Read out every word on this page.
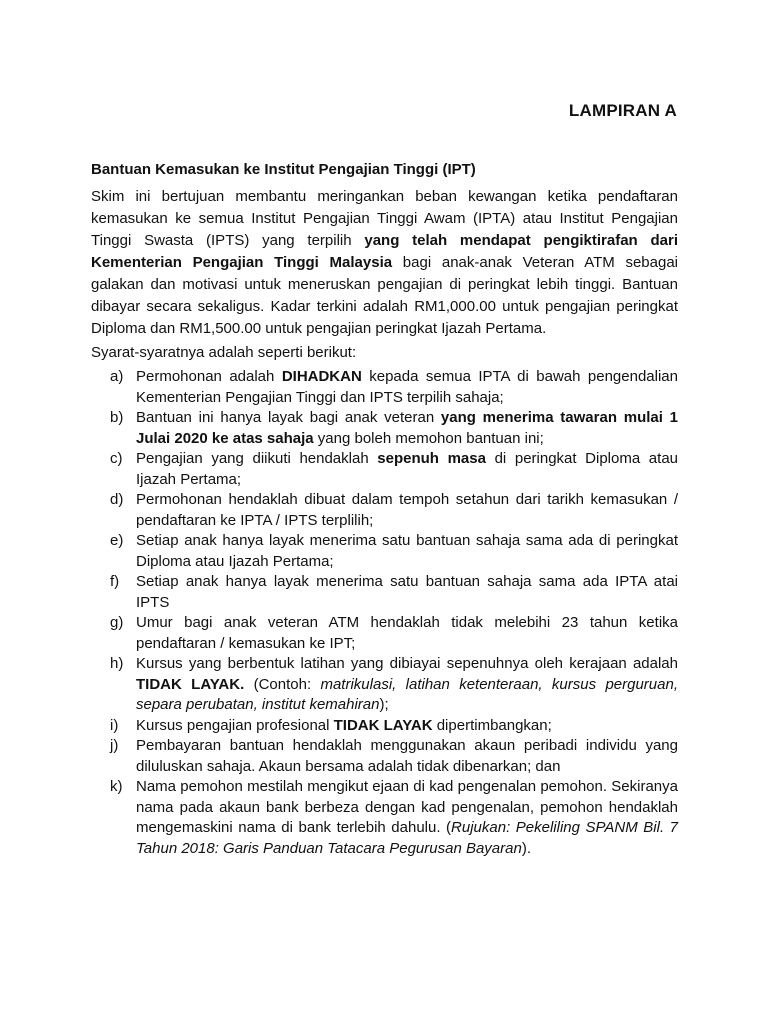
LAMPIRAN A
Bantuan Kemasukan ke Institut Pengajian Tinggi (IPT)

Skim ini bertujuan membantu meringankan beban kewangan ketika pendaftaran kemasukan ke semua Institut Pengajian Tinggi Awam (IPTA) atau Institut Pengajian Tinggi Swasta (IPTS) yang terpilih yang telah mendapat pengiktirafan dari Kementerian Pengajian Tinggi Malaysia bagi anak-anak Veteran ATM sebagai galakan dan motivasi untuk meneruskan pengajian di peringkat lebih tinggi. Bantuan dibayar secara sekaligus. Kadar terkini adalah RM1,000.00 untuk pengajian peringkat Diploma dan RM1,500.00 untuk pengajian peringkat Ijazah Pertama.

Syarat-syaratnya adalah seperti berikut:

a) Permohonan adalah DIHADKAN kepada semua IPTA di bawah pengendalian Kementerian Pengajian Tinggi dan IPTS terpilih sahaja;
b) Bantuan ini hanya layak bagi anak veteran yang menerima tawaran mulai 1 Julai 2020 ke atas sahaja yang boleh memohon bantuan ini;
c) Pengajian yang diikuti hendaklah sepenuh masa di peringkat Diploma atau Ijazah Pertama;
d) Permohonan hendaklah dibuat dalam tempoh setahun dari tarikh kemasukan / pendaftaran ke IPTA / IPTS terplilih;
e) Setiap anak hanya layak menerima satu bantuan sahaja sama ada di peringkat Diploma atau Ijazah Pertama;
f) Setiap anak hanya layak menerima satu bantuan sahaja sama ada IPTA atai IPTS
g) Umur bagi anak veteran ATM hendaklah tidak melebihi 23 tahun ketika pendaftaran / kemasukan ke IPT;
h) Kursus yang berbentuk latihan yang dibiayai sepenuhnya oleh kerajaan adalah TIDAK LAYAK. (Contoh: matrikulasi, latihan ketenteraan, kursus perguruan, separa perubatan, institut kemahiran);
i) Kursus pengajian profesional TIDAK LAYAK dipertimbangkan;
j) Pembayaran bantuan hendaklah menggunakan akaun peribadi individu yang diluluskan sahaja. Akaun bersama adalah tidak dibenarkan; dan
k) Nama pemohon mestilah mengikut ejaan di kad pengenalan pemohon. Sekiranya nama pada akaun bank berbeza dengan kad pengenalan, pemohon hendaklah mengemaskini nama di bank terlebih dahulu. (Rujukan: Pekeliling SPANM Bil. 7 Tahun 2018: Garis Panduan Tatacara Pegurusan Bayaran).
